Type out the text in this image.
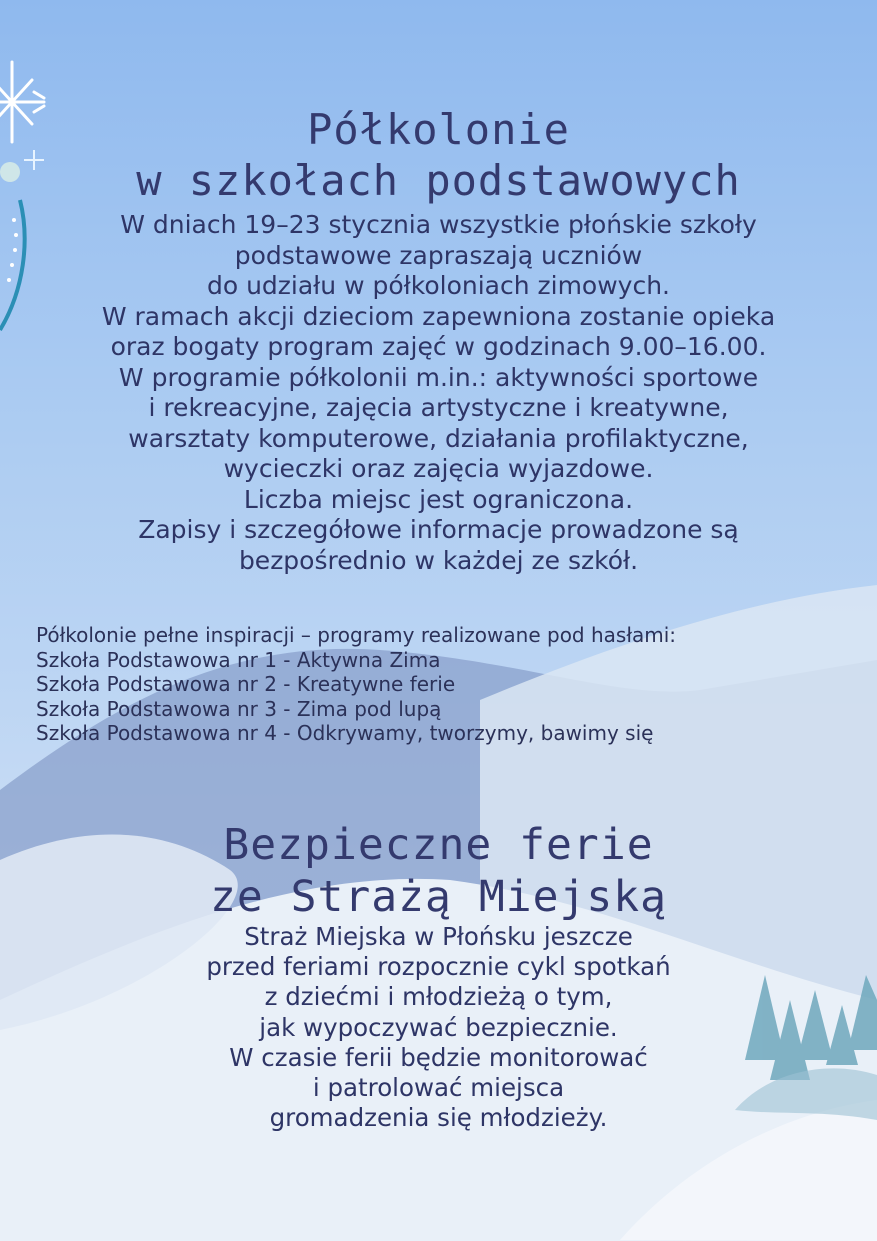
Półkolonie
w szkołach podstawowych
W dniach 19–23 stycznia wszystkie płońskie szkoły
podstawowe zapraszają uczniów
do udziału w półkoloniach zimowych.
W ramach akcji dzieciom zapewniona zostanie opieka
oraz bogaty program zajęć w godzinach 9.00–16.00.
W programie półkolonii m.in.: aktywności sportowe
i rekreacyjne, zajęcia artystyczne i kreatywne,
warsztaty komputerowe, działania profilaktyczne,
wycieczki oraz zajęcia wyjazdowe.
Liczba miejsc jest ograniczona.
Zapisy i szczegółowe informacje prowadzone są
bezpośrednio w każdej ze szkół.
Półkolonie pełne inspiracji – programy realizowane pod hasłami:
Szkoła Podstawowa nr 1 - Aktywna Zima
Szkoła Podstawowa nr 2 - Kreatywne ferie
Szkoła Podstawowa nr 3 - Zima pod lupą
Szkoła Podstawowa nr 4 - Odkrywamy, tworzymy, bawimy się
Bezpieczne ferie
ze Strażą Miejską
Straż Miejska w Płońsku jeszcze
przed feriami rozpocznie cykl spotkań
z dziećmi i młodzieżą o tym,
jak wypoczywać bezpiecznie.
W czasie ferii będzie monitorować
i patrolować miejsca
gromadzenia się młodzieży.
